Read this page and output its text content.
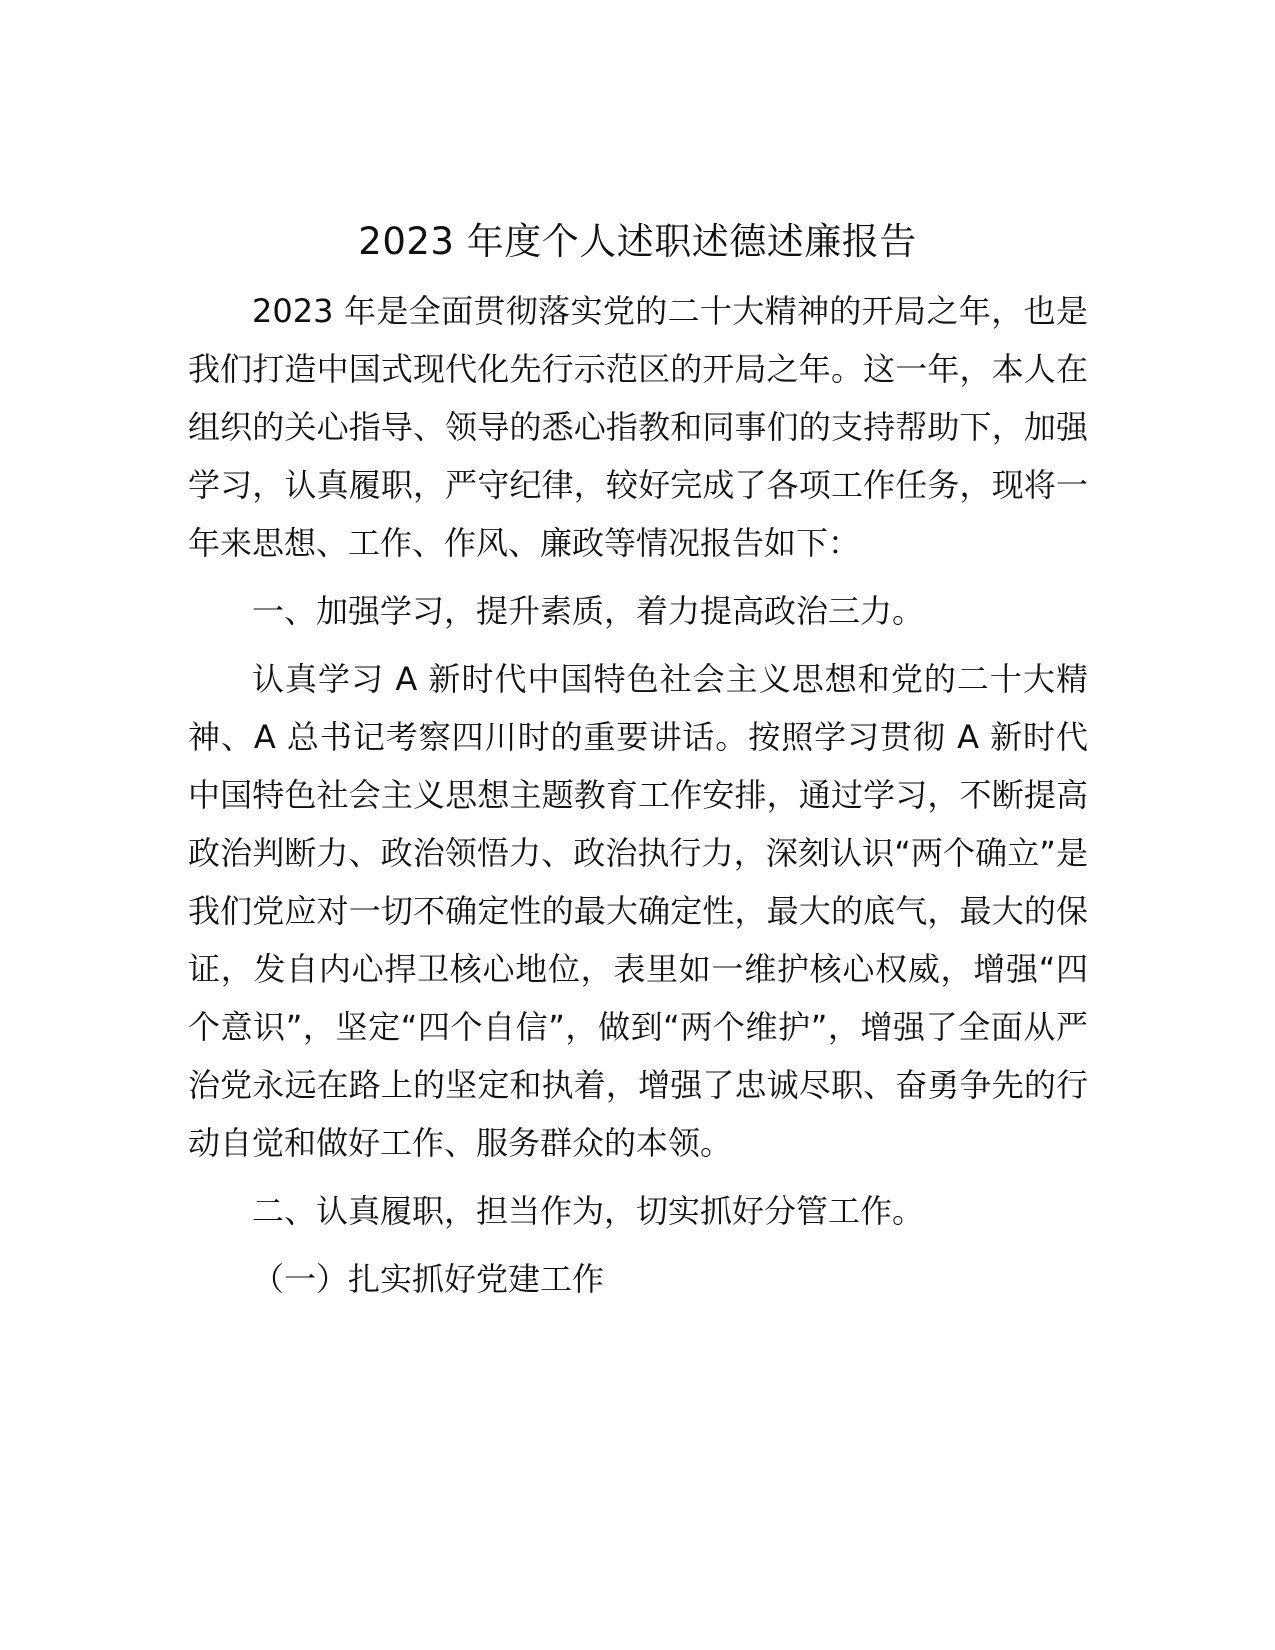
2023 年度个人述职述德述廉报告

2023 年是全面贯彻落实党的二十大精神的开局之年，也是我们打造中国式现代化先行示范区的开局之年。这一年，本人在组织的关心指导、领导的悉心指教和同事们的支持帮助下，加强学习，认真履职，严守纪律，较好完成了各项工作任务，现将一年来思想、工作、作风、廉政等情况报告如下：

一、加强学习，提升素质，着力提高政治三力。

认真学习 A 新时代中国特色社会主义思想和党的二十大精神、A 总书记考察四川时的重要讲话。按照学习贯彻 A 新时代中国特色社会主义思想主题教育工作安排，通过学习，不断提高政治判断力、政治领悟力、政治执行力，深刻认识“两个确立”是我们党应对一切不确定性的最大确定性，最大的底气，最大的保证，发自内心捍卫核心地位，表里如一维护核心权威，增强“四个意识”，坚定“四个自信”，做到“两个维护”，增强了全面从严治党永远在路上的坚定和执着，增强了忠诚尽职、奋勇争先的行动自觉和做好工作、服务群众的本领。

二、认真履职，担当作为，切实抓好分管工作。

（一）扎实抓好党建工作
